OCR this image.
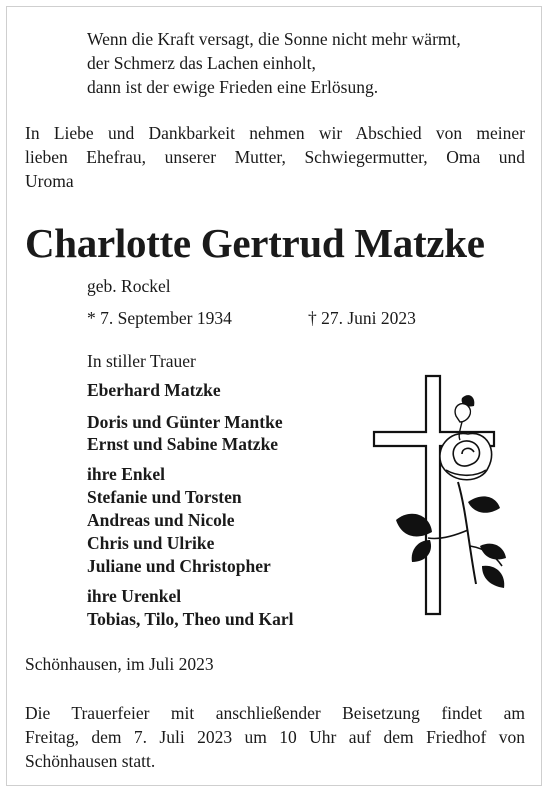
Wenn die Kraft versagt, die Sonne nicht mehr wärmt,
der Schmerz das Lachen einholt,
dann ist der ewige Frieden eine Erlösung.
In Liebe und Dankbarkeit nehmen wir Abschied von meiner
lieben Ehefrau, unserer Mutter, Schwiegermutter, Oma und
Uroma
Charlotte Gertrud Matzke
geb. Rockel
* 7. September 1934	† 27. Juni 2023
In stiller Trauer
Eberhard Matzke
Doris und Günter Mantke
Ernst und Sabine Matzke
ihre Enkel
Stefanie und Torsten
Andreas und Nicole
Chris und Ulrike
Juliane und Christopher
ihre Urenkel
Tobias, Tilo, Theo und Karl
Schönhausen, im Juli 2023
Die Trauerfeier mit anschließender Beisetzung findet am
Freitag, dem 7. Juli 2023 um 10 Uhr auf dem Friedhof von
Schönhausen statt.
